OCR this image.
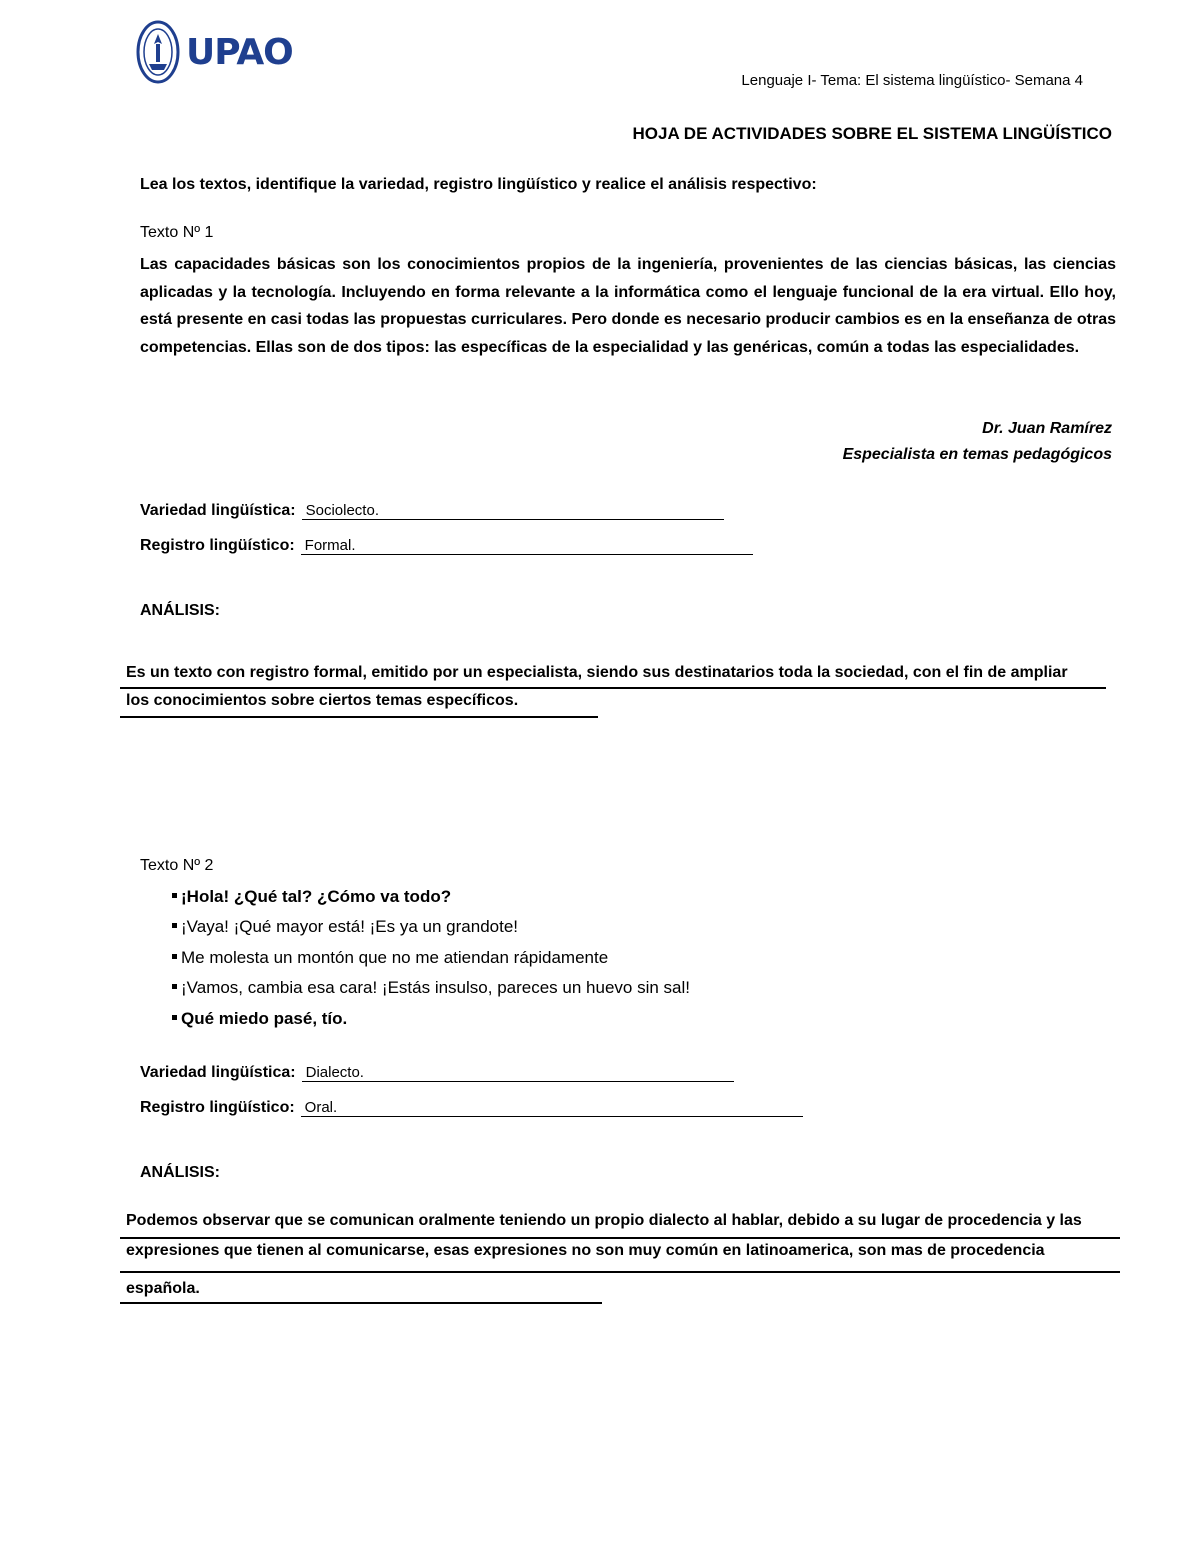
UPAO
Lenguaje I- Tema: El sistema lingüístico- Semana 4
HOJA DE ACTIVIDADES SOBRE EL SISTEMA LINGÜÍSTICO
Lea los textos, identifique la variedad, registro lingüístico y realice el análisis respectivo:
Texto Nº 1
Las capacidades básicas son los conocimientos propios de la ingeniería, provenientes de las ciencias básicas, las ciencias aplicadas y la tecnología. Incluyendo en forma relevante a la informática como el lenguaje funcional de la era virtual. Ello hoy, está presente en casi todas las propuestas curriculares. Pero donde es necesario producir cambios es en la enseñanza de otras competencias. Ellas son de dos tipos: las específicas de la especialidad y las genéricas, común a todas las especialidades.
Dr. Juan Ramírez
Especialista en temas pedagógicos
Variedad lingüística: Sociolecto.
Registro lingüístico: Formal.
ANÁLISIS:
Es un texto con registro formal, emitido por un especialista, siendo sus destinatarios toda la sociedad, con el fin de ampliar
los conocimientos sobre ciertos temas específicos.
Texto Nº 2
¡Hola! ¿Qué tal? ¿Cómo va todo?
¡Vaya! ¡Qué mayor está! ¡Es ya un grandote!
Me molesta un montón que no me atiendan rápidamente
¡Vamos, cambia esa cara! ¡Estás insulso, pareces un huevo sin sal!
Qué miedo pasé, tío.
Variedad lingüística: Dialecto.
Registro lingüístico: Oral.
ANÁLISIS:
Podemos observar que se comunican oralmente teniendo un propio dialecto al hablar, debido a su lugar de procedencia y las
expresiones que tienen al comunicarse, esas expresiones no son muy común en latinoamerica, son mas de procedencia
española.
